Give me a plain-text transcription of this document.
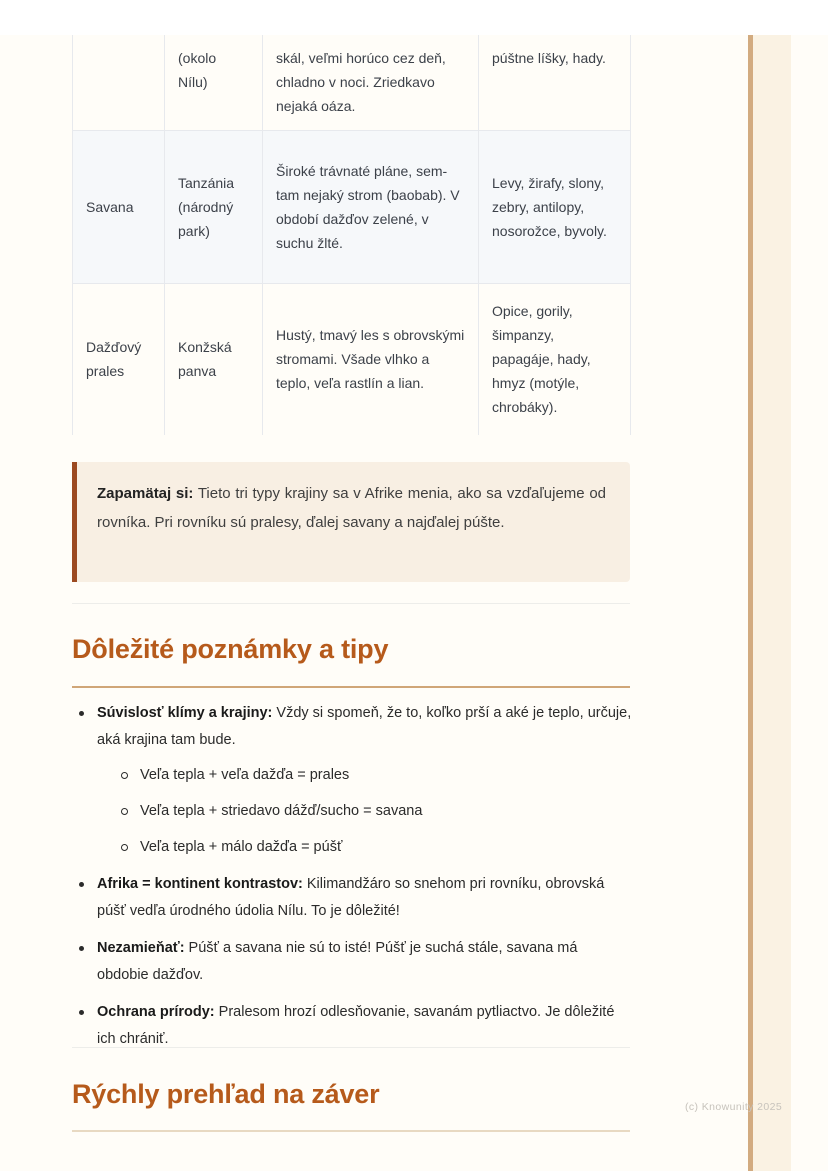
(c) Knowunity 2025
	(okolo Nílu)	skál, veľmi horúco cez deň, chladno v noci. Zriedkavo nejaká oáza.	púštne líšky, hady.
Savana	Tanzánia (národný park)	Široké trávnaté pláne, sem-tam nejaký strom (baobab). V období dažďov zelené, v suchu žlté.	Levy, žirafy, slony, zebry, antilopy, nosorožce, byvoly.
Dažďový prales	Konžská panva	Hustý, tmavý les s obrovskými stromami. Všade vlhko a teplo, veľa rastlín a lian.	Opice, gorily, šimpanzy, papagáje, hady, hmyz (motýle, chrobáky).
Zapamätaj si: Tieto tri typy krajiny sa v Afrike menia, ako sa vzďaľujeme od rovníka. Pri rovníku sú pralesy, ďalej savany a najďalej púšte.
Dôležité poznámky a tipy
Súvislosť klímy a krajiny: Vždy si spomeň, že to, koľko prší a aké je teplo, určuje, aká krajina tam bude.
Veľa tepla + veľa dažďa = prales
Veľa tepla + striedavo dážď/sucho = savana
Veľa tepla + málo dažďa = púšť
Afrika = kontinent kontrastov: Kilimandžáro so snehom pri rovníku, obrovská púšť vedľa úrodného údolia Nílu. To je dôležité!
Nezamieňať: Púšť a savana nie sú to isté! Púšť je suchá stále, savana má obdobie dažďov.
Ochrana prírody: Pralesom hrozí odlesňovanie, savanám pytliactvo. Je dôležité ich chrániť.
Rýchly prehľad na záver
